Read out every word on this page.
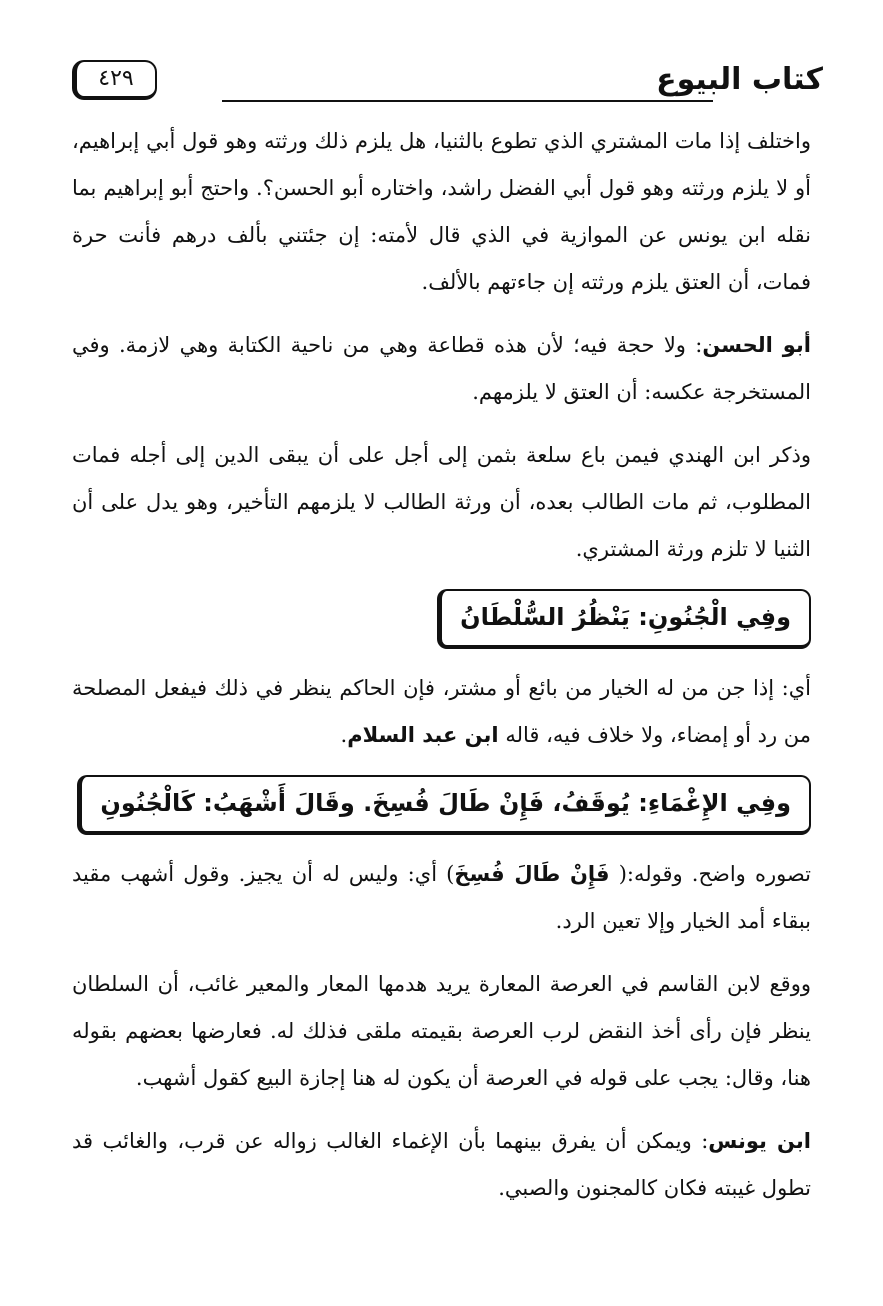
كتاب البيوع
٤٢٩

واختلف إذا مات المشتري الذي تطوع بالثنيا، هل يلزم ذلك ورثته وهو قول أبي إبراهيم، أو لا يلزم ورثته وهو قول أبي الفضل راشد، واختاره أبو الحسن؟. واحتج أبو إبراهيم بما نقله ابن يونس عن الموازية في الذي قال لأمته: إن جئتني بألف درهم فأنت حرة فمات، أن العتق يلزم ورثته إن جاءتهم بالألف.

أبو الحسن: ولا حجة فيه؛ لأن هذه قطاعة وهي من ناحية الكتابة وهي لازمة. وفي المستخرجة عكسه: أن العتق لا يلزمهم.

وذكر ابن الهندي فيمن باع سلعة بثمن إلى أجل على أن يبقى الدين إلى أجله فمات المطلوب، ثم مات الطالب بعده، أن ورثة الطالب لا يلزمهم التأخير، وهو يدل على أن الثنيا لا تلزم ورثة المشتري.

وفِي الْجُنُونِ: يَنْظُرُ السُّلْطَانُ

أي: إذا جن من له الخيار من بائع أو مشتر، فإن الحاكم ينظر في ذلك فيفعل المصلحة من رد أو إمضاء، ولا خلاف فيه، قاله ابن عبد السلام.

وفِي الإِغْمَاءِ: يُوقَفُ، فَإِنْ طَالَ فُسِخَ. وقَالَ أَشْهَبُ: كَالْجُنُونِ

تصوره واضح. وقوله:( فَإِنْ طَالَ فُسِخَ) أي: وليس له أن يجيز. وقول أشهب مقيد ببقاء أمد الخيار وإلا تعين الرد.

ووقع لابن القاسم في العرصة المعارة يريد هدمها المعار والمعير غائب، أن السلطان ينظر فإن رأى أخذ النقض لرب العرصة بقيمته ملقى فذلك له. فعارضها بعضهم بقوله هنا، وقال: يجب على قوله في العرصة أن يكون له هنا إجازة البيع كقول أشهب.

ابن يونس: ويمكن أن يفرق بينهما بأن الإغماء الغالب زواله عن قرب، والغائب قد تطول غيبته فكان كالمجنون والصبي.
